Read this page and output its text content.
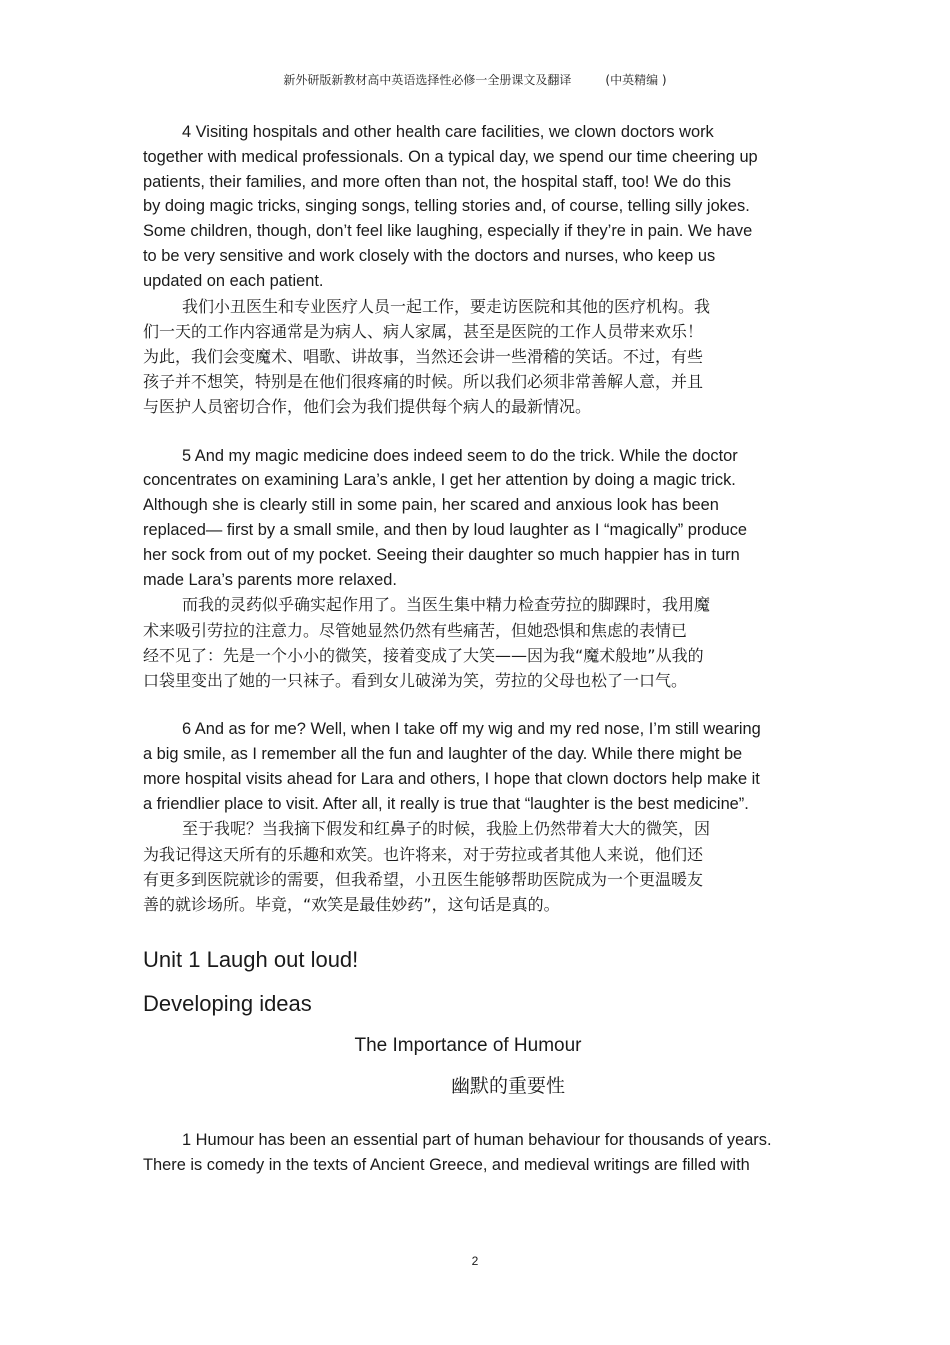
新外研版新教材高中英语选择性必修一全册课文及翻译	(中英精编 )
4 Visiting hospitals and other health care facilities, we clown doctors work
together with medical professionals. On a typical day, we spend our time cheering up
patients, their families, and more often than not, the hospital staff, too! We do this
by doing magic tricks, singing songs, telling stories and, of course, telling silly jokes.
Some children, though, don’t feel like laughing, especially if they’re in pain. We have
to be very sensitive and work closely with the doctors and nurses, who keep us
updated on each patient.
我们小丑医生和专业医疗人员一起工作，要走访医院和其他的医疗机构。我
们一天的工作内容通常是为病人、病人家属，甚至是医院的工作人员带来欢乐！
为此，我们会变魔术、唱歌、讲故事，当然还会讲一些滑稽的笑话。不过，有些
孩子并不想笑，特别是在他们很疼痛的时候。所以我们必须非常善解人意，并且
与医护人员密切合作，他们会为我们提供每个病人的最新情况。
5 And my magic medicine does indeed seem to do the trick. While the doctor
concentrates on examining Lara’s ankle, I get her attention by doing a magic trick.
Although she is clearly still in some pain, her scared and anxious look has been
replaced— first by a small smile, and then by loud laughter as I “magically” produce
her sock from out of my pocket. Seeing their daughter so much happier has in turn
made Lara’s parents more relaxed.
而我的灵药似乎确实起作用了。当医生集中精力检查劳拉的脚踝时，我用魔
术来吸引劳拉的注意力。尽管她显然仍然有些痛苦，但她恐惧和焦虑的表情已
经不见了：先是一个小小的微笑，接着变成了大笑——因为我“魔术般地”从我的
口袋里变出了她的一只袜子。看到女儿破涕为笑，劳拉的父母也松了一口气。
6 And as for me? Well, when I take off my wig and my red nose, I’m still wearing
a big smile, as I remember all the fun and laughter of the day. While there might be
more hospital visits ahead for Lara and others, I hope that clown doctors help make it
a friendlier place to visit. After all, it really is true that “laughter is the best medicine”.
至于我呢？当我摘下假发和红鼻子的时候，我脸上仍然带着大大的微笑，因
为我记得这天所有的乐趣和欢笑。也许将来，对于劳拉或者其他人来说，他们还
有更多到医院就诊的需要，但我希望，小丑医生能够帮助医院成为一个更温暖友
善的就诊场所。毕竟，“欢笑是最佳妙药”，这句话是真的。
Unit 1 Laugh out loud!
Developing ideas
The Importance of Humour
幽默的重要性
1 Humour has been an essential part of human behaviour for thousands of years.
There is comedy in the texts of Ancient Greece, and medieval writings are filled with
2
